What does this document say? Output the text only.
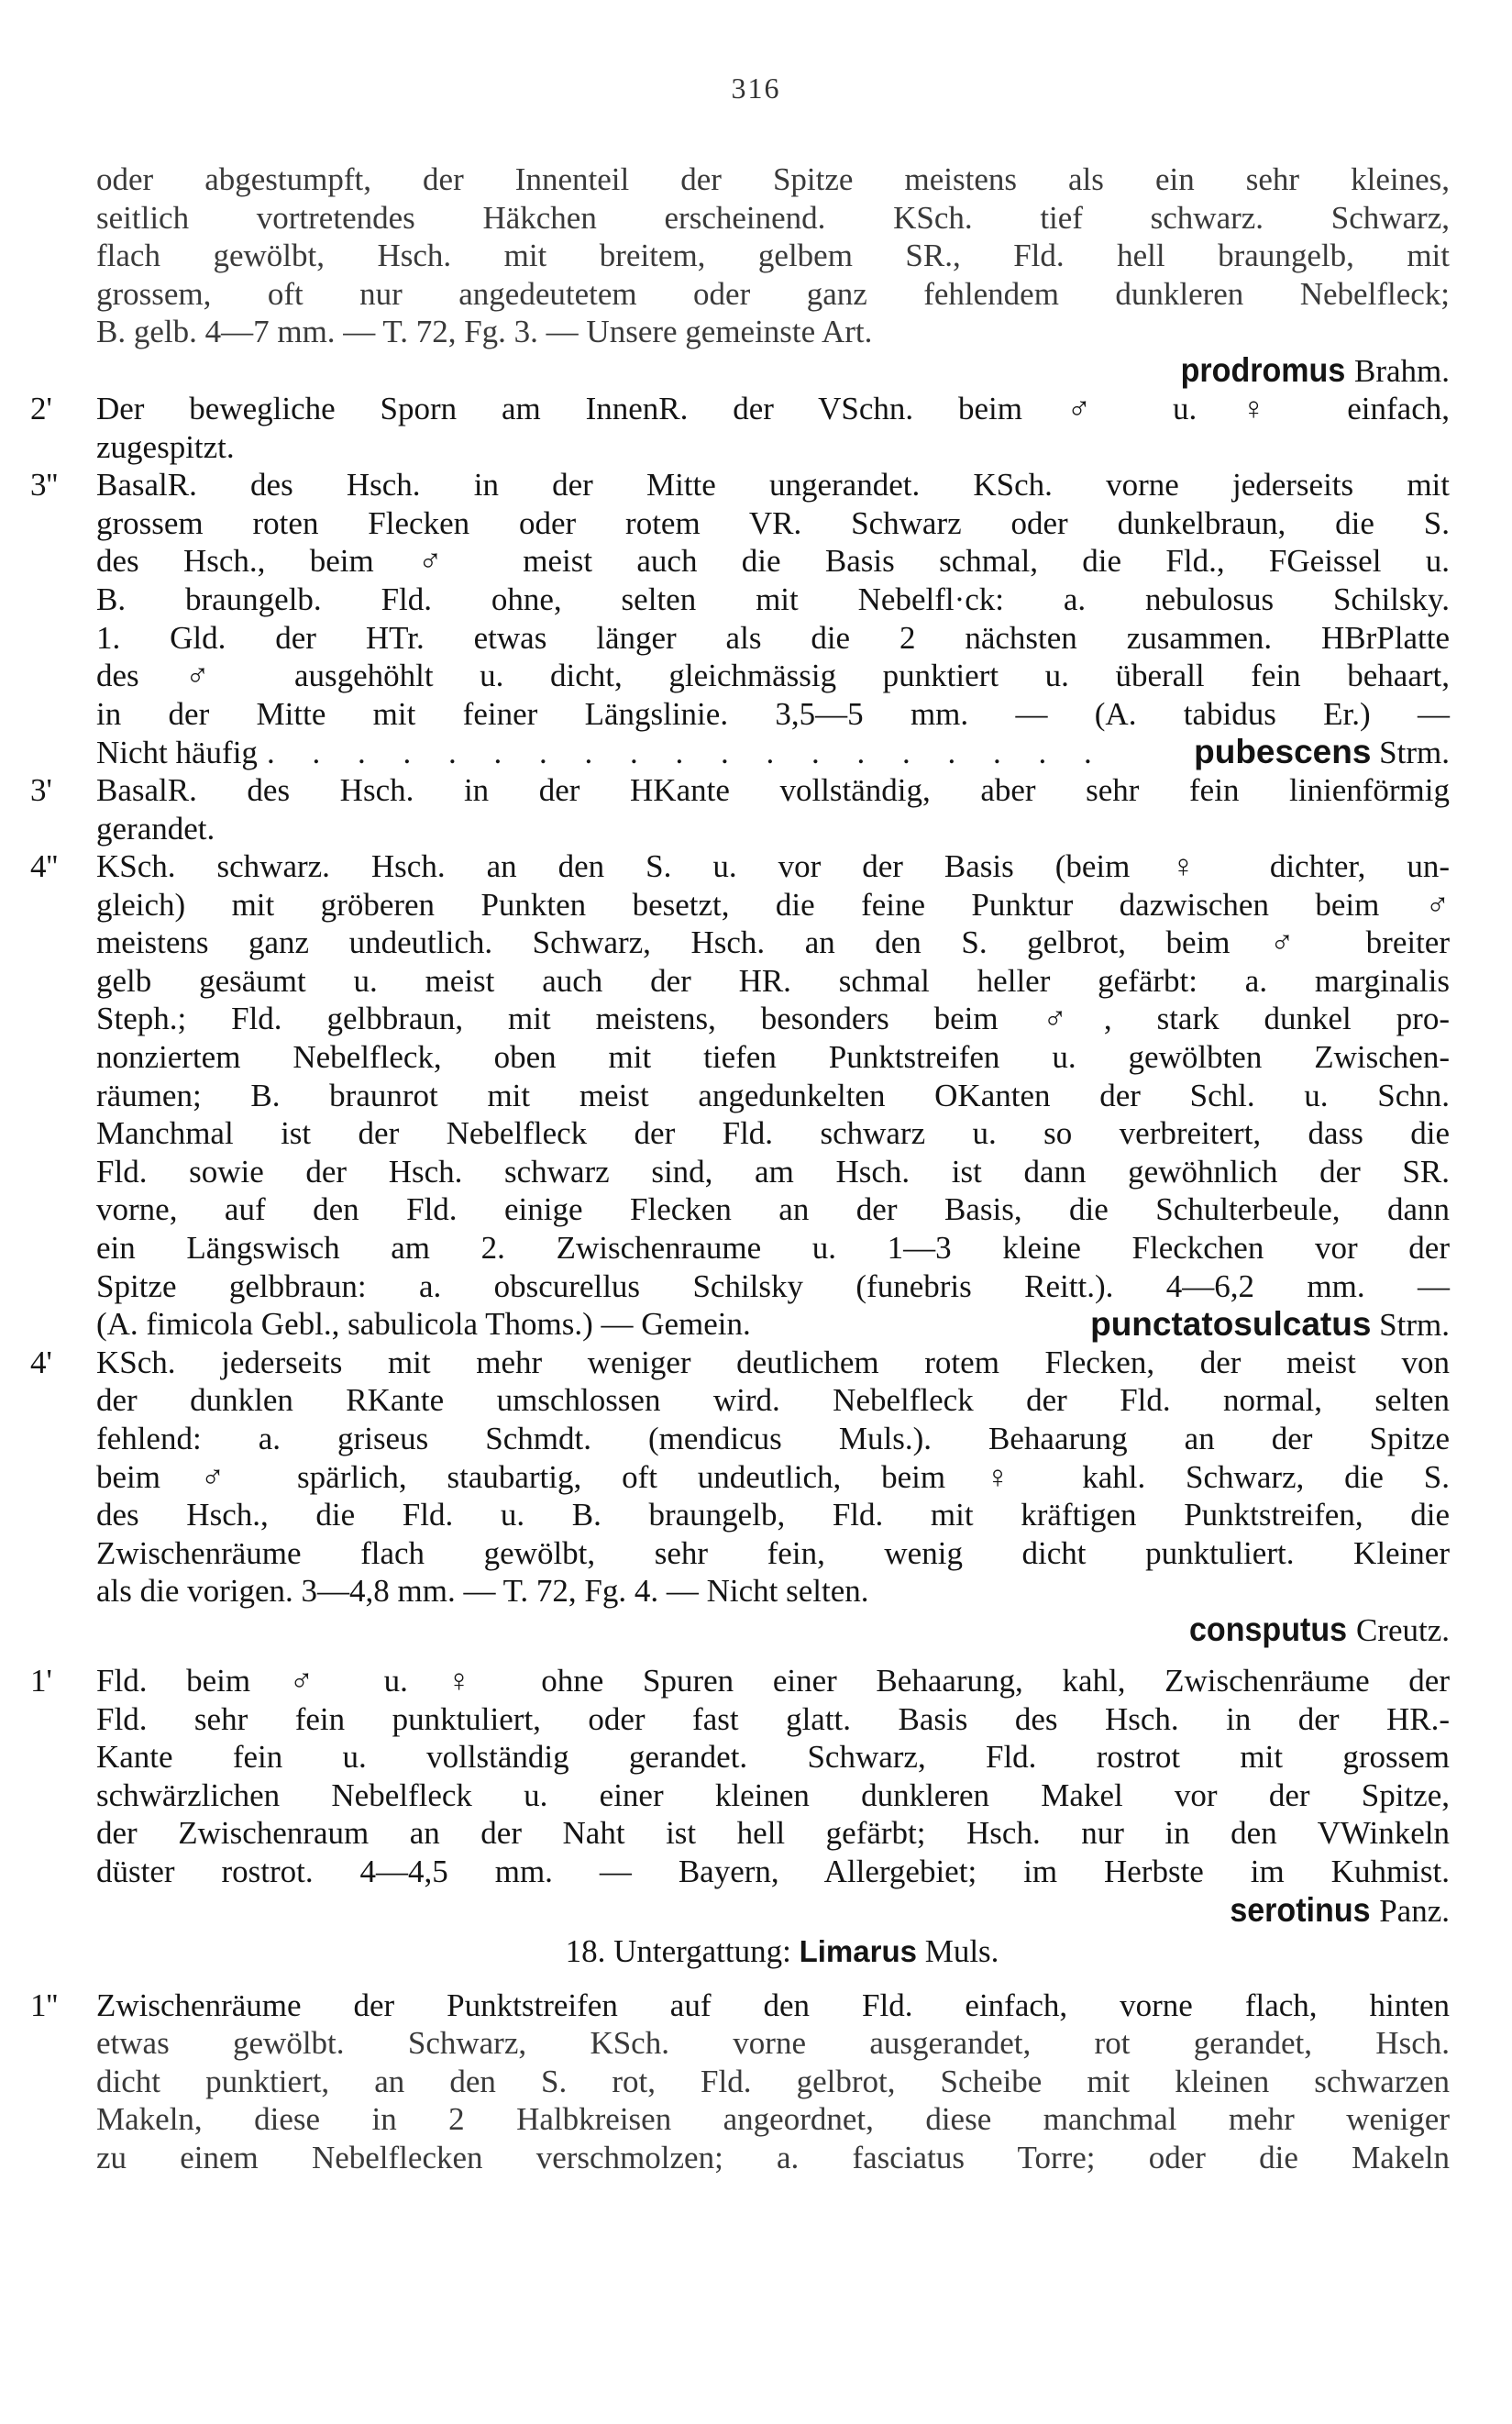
316
oder abgestumpft, der Innenteil der Spitze meistens als ein sehr kleines,
seitlich vortretendes Häkchen erscheinend. KSch. tief schwarz. Schwarz,
flach gewölbt, Hsch. mit breitem, gelbem SR., Fld. hell braungelb, mit
grossem, oft nur angedeutetem oder ganz fehlendem dunkleren Nebelfleck;
B. gelb. 4—7 mm. — T. 72, Fg. 3. — Unsere gemeinste Art.
prodromus Brahm.
2'	Der bewegliche Sporn am InnenR. der VSchn. beim ♂ u. ♀ einfach,
zugespitzt.
3''	BasalR. des Hsch. in der Mitte ungerandet. KSch. vorne jederseits mit
grossem roten Flecken oder rotem VR. Schwarz oder dunkelbraun, die S.
des Hsch., beim ♂ meist auch die Basis schmal, die Fld., FGeissel u.
B. braungelb. Fld. ohne, selten mit Nebelfl·ck: a. nebulosus Schilsky.
1. Gld. der HTr. etwas länger als die 2 nächsten zusammen. HBrPlatte
des ♂ ausgehöhlt u. dicht, gleichmässig punktiert u. überall fein behaart,
in der Mitte mit feiner Längslinie. 3,5—5 mm. — (A. tabidus Er.) —
Nicht häufig . . . . . . . . . . . . . . . . . . .	pubescens
Strm.
3'	BasalR. des Hsch. in der HKante vollständig, aber sehr fein linienförmig
gerandet.
4''	KSch. schwarz. Hsch. an den S. u. vor der Basis (beim ♀ dichter, un-
gleich) mit gröberen Punkten besetzt, die feine Punktur dazwischen beim ♂
meistens ganz undeutlich. Schwarz, Hsch. an den S. gelbrot, beim ♂ breiter
gelb gesäumt u. meist auch der HR. schmal heller gefärbt: a. marginalis
Steph.; Fld. gelbbraun, mit meistens, besonders beim ♂, stark dunkel pro-
nonziertem Nebelfleck, oben mit tiefen Punktstreifen u. gewölbten Zwischen-
räumen; B. braunrot mit meist angedunkelten OKanten der Schl. u. Schn.
Manchmal ist der Nebelfleck der Fld. schwarz u. so verbreitert, dass die
Fld. sowie der Hsch. schwarz sind, am Hsch. ist dann gewöhnlich der SR.
vorne, auf den Fld. einige Flecken an der Basis, die Schulterbeule, dann
ein Längswisch am 2. Zwischenraume u. 1—3 kleine Fleckchen vor der
Spitze gelbbraun: a. obscurellus Schilsky (funebris Reitt.). 4—6,2 mm. —
(A. fimicola Gebl., sabulicola Thoms.) — Gemein.	punctatosulcatus Strm.
4'	KSch. jederseits mit mehr weniger deutlichem rotem Flecken, der meist von
der dunklen RKante umschlossen wird. Nebelfleck der Fld. normal, selten
fehlend: a. griseus Schmdt. (mendicus Muls.). Behaarung an der Spitze
beim ♂ spärlich, staubartig, oft undeutlich, beim ♀ kahl. Schwarz, die S.
des Hsch., die Fld. u. B. braungelb, Fld. mit kräftigen Punktstreifen, die
Zwischenräume flach gewölbt, sehr fein, wenig dicht punktuliert. Kleiner
als die vorigen. 3—4,8 mm. — T. 72, Fg. 4. — Nicht selten.
consputus Creutz.
1'	Fld. beim ♂ u. ♀ ohne Spuren einer Behaarung, kahl, Zwischenräume der
Fld. sehr fein punktuliert, oder fast glatt. Basis des Hsch. in der HR.-
Kante fein u. vollständig gerandet. Schwarz, Fld. rostrot mit grossem
schwärzlichen Nebelfleck u. einer kleinen dunkleren Makel vor der Spitze,
der Zwischenraum an der Naht ist hell gefärbt; Hsch. nur in den VWinkeln
düster rostrot. 4—4,5 mm. — Bayern, Allergebiet; im Herbste im Kuhmist.
serotinus Panz.
18. Untergattung: Limarus Muls.
1''	Zwischenräume der Punktstreifen auf den Fld. einfach, vorne flach, hinten
etwas gewölbt. Schwarz, KSch. vorne ausgerandet, rot gerandet, Hsch.
dicht punktiert, an den S. rot, Fld. gelbrot, Scheibe mit kleinen schwarzen
Makeln, diese in 2 Halbkreisen angeordnet, diese manchmal mehr weniger
zu einem Nebelflecken verschmolzen; a. fasciatus Torre; oder die Makeln
